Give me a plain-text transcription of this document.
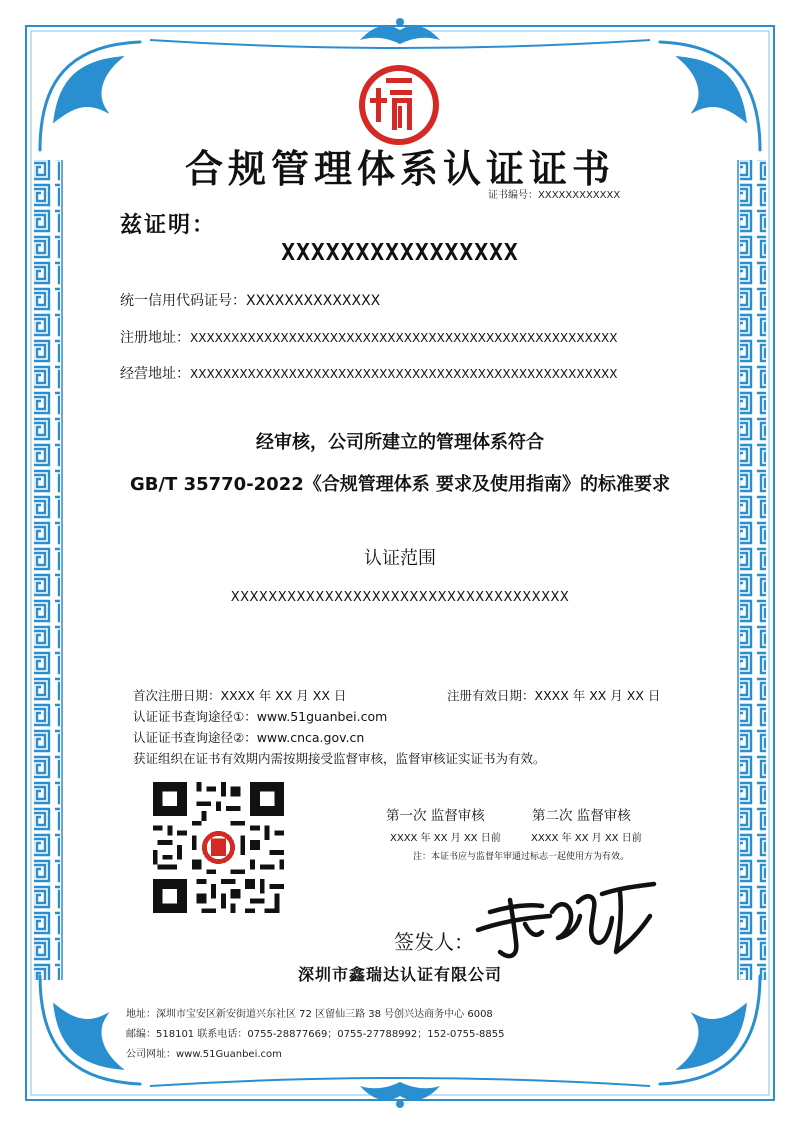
合规管理体系认证证书
证书编号：XXXXXXXXXXXX
兹证明：
XXXXXXXXXXXXXXXX
统一信用代码证号：XXXXXXXXXXXXXX
注册地址：XXXXXXXXXXXXXXXXXXXXXXXXXXXXXXXXXXXXXXXXXXXXXXXXXXXX
经营地址：XXXXXXXXXXXXXXXXXXXXXXXXXXXXXXXXXXXXXXXXXXXXXXXXXXXX
经审核，公司所建立的管理体系符合
GB/T 35770-2022《合规管理体系 要求及使用指南》的标准要求
认证范围
XXXXXXXXXXXXXXXXXXXXXXXXXXXXXXXXXXXX
首次注册日期：XXXX 年 XX 月 XX 日	注册有效日期：XXXX 年 XX 月 XX 日
认证证书查询途径①：www.51guanbei.com
认证证书查询途径②：www.cnca.gov.cn
获证组织在证书有效期内需按期接受监督审核，监督审核证实证书为有效。
第一次 监督审核	第二次 监督审核
XXXX 年 XX 月 XX 日前	XXXX 年 XX 月 XX 日前
注：本证书应与监督年审通过标志一起使用方为有效。
签发人：
深圳市鑫瑞达认证有限公司
地址：深圳市宝安区新安街道兴东社区 72 区留仙三路 38 号创兴达商务中心 6008
邮编：518101 联系电话：0755-28877669；0755-27788992；152-0755-8855
公司网址：www.51Guanbei.com
